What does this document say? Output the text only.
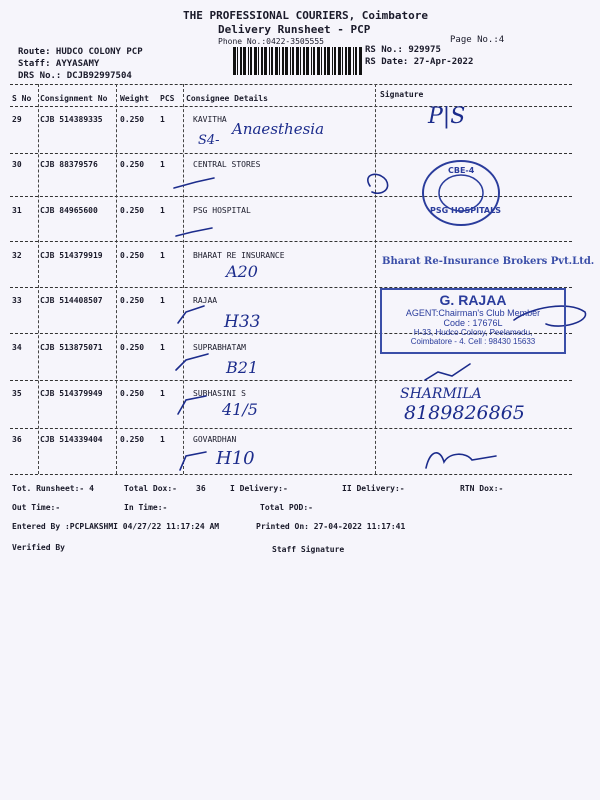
THE PROFESSIONAL COURIERS, Coimbatore
Delivery Runsheet - PCP
Phone No.:0422-3505555	Page No.:4
Route: HUDCO COLONY PCP
Staff: AYYASAMY
DRS No.: DCJB92997504
RS No.: 929975
RS Date: 27-Apr-2022
S No Consignment No Weight PCS Consignee Details	Signature
29 CJB 514389335 0.250 1	KAVITHA
30 CJB 88379576	0.250 1	CENTRAL STORES
31 CJB 84965600	0.250 1	PSG HOSPITAL
32 CJB 514379919 0.250 1	BHARAT RE INSURANCE
33 CJB 514408507 0.250 1	RAJAA
34 CJB 513875071 0.250 1	SUPRABHATAM
35 CJB 514379949 0.250 1	SUBHASINI S
36 CJB 514339404 0.250 1	GOVARDHAN
Anaesthesia
S4-
P|S
A20
H33
B21
41/5
SHARMILA
8189826865
H10
PSG HOSPITALS
CBE-4
Bharat Re-Insurance Brokers Pvt.Ltd.
G. RAJAA
AGENT:Chairman's Club Member
Code : 17676L
H-33, Hudco Colony, Peelamedu,
Coimbatore - 4. Cell : 98430 15633
Tot. Runsheet:- 4	Total Dox:- 36	I Delivery:-	II Delivery:-	RTN Dox:-
Out Time:-	In Time:-	Total POD:-
Entered By :PCPLAKSHMI 04/27/22 11:17:24 AM	Printed On: 27-04-2022 11:17:41
Verified By	Staff Signature
